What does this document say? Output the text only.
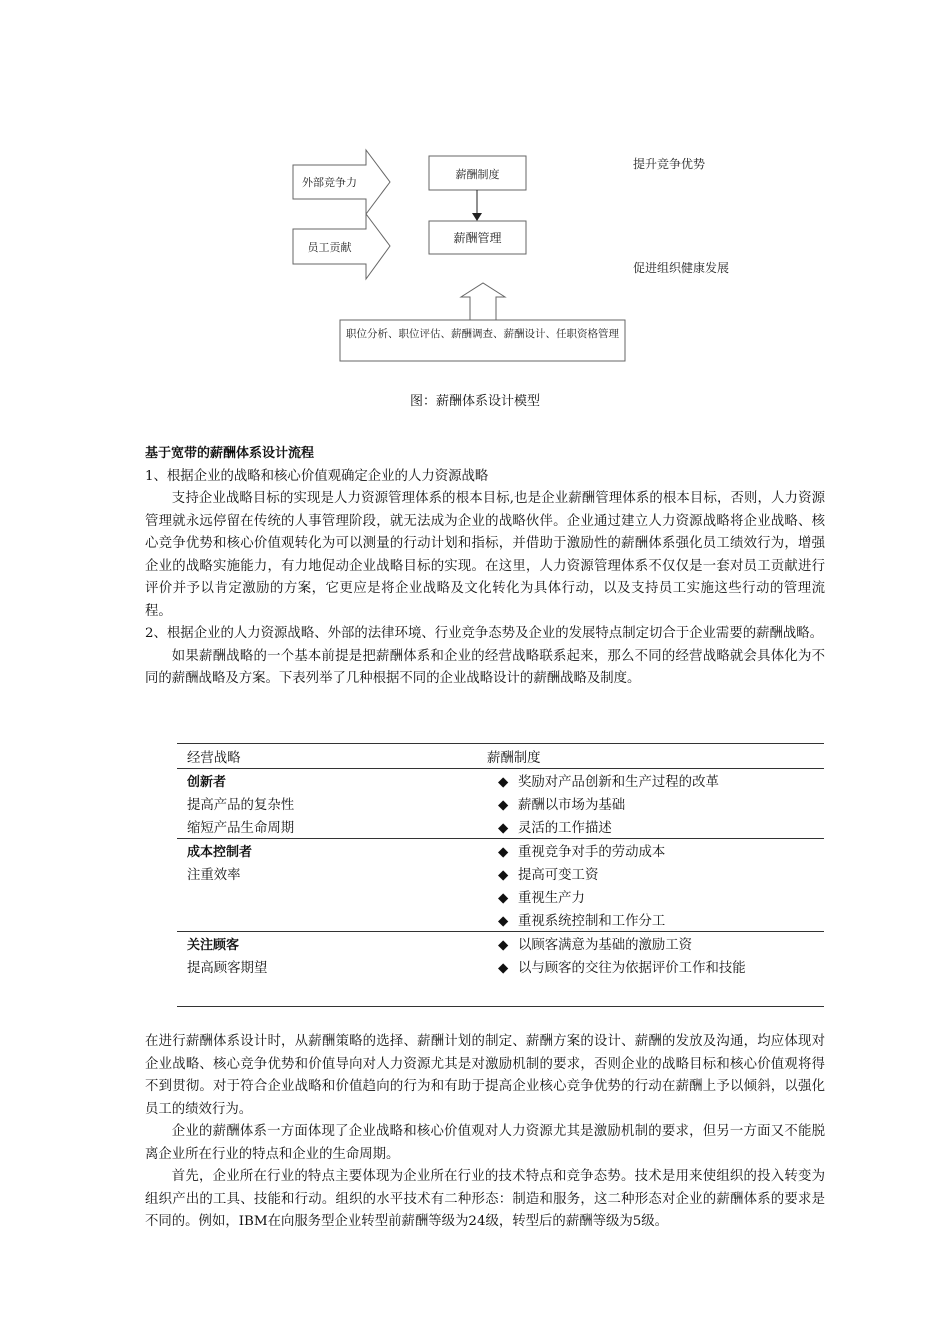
外部竞争力
员工贡献
薪酬制度
薪酬管理
职位分析、职位评估、薪酬调查、薪酬设计、任职资格管理
提升竞争优势
促进组织健康发展
图：薪酬体系设计模型

基于宽带的薪酬体系设计流程

1、根据企业的战略和核心价值观确定企业的人力资源战略

支持企业战略目标的实现是人力资源管理体系的根本目标,也是企业薪酬管理体系的根本目标，否则，人力资源管理就永远停留在传统的人事管理阶段，就无法成为企业的战略伙伴。企业通过建立人力资源战略将企业战略、核心竞争优势和核心价值观转化为可以测量的行动计划和指标，并借助于激励性的薪酬体系强化员工绩效行为，增强企业的战略实施能力，有力地促动企业战略目标的实现。在这里，人力资源管理体系不仅仅是一套对员工贡献进行评价并予以肯定激励的方案，它更应是将企业战略及文化转化为具体行动，以及支持员工实施这些行动的管理流程。

2、根据企业的人力资源战略、外部的法律环境、行业竞争态势及企业的发展特点制定切合于企业需要的薪酬战略。

如果薪酬战略的一个基本前提是把薪酬体系和企业的经营战略联系起来，那么不同的经营战略就会具体化为不同的薪酬战略及方案。下表列举了几种根据不同的企业战略设计的薪酬战略及制度。

经营战略	薪酬制度
创新者	◆ 奖励对产品创新和生产过程的改革
提高产品的复杂性	◆ 薪酬以市场为基础
缩短产品生命周期	◆ 灵活的工作描述
成本控制者	◆ 重视竞争对手的劳动成本
注重效率	◆ 提高可变工资
	◆ 重视生产力
	◆ 重视系统控制和工作分工
关注顾客	◆ 以顾客满意为基础的激励工资
提高顾客期望	◆ 以与顾客的交往为依据评价工作和技能

在进行薪酬体系设计时，从薪酬策略的选择、薪酬计划的制定、薪酬方案的设计、薪酬的发放及沟通，均应体现对企业战略、核心竞争优势和价值导向对人力资源尤其是对激励机制的要求，否则企业的战略目标和核心价值观将得不到贯彻。对于符合企业战略和价值趋向的行为和有助于提高企业核心竞争优势的行动在薪酬上予以倾斜，以强化员工的绩效行为。

企业的薪酬体系一方面体现了企业战略和核心价值观对人力资源尤其是激励机制的要求，但另一方面又不能脱离企业所在行业的特点和企业的生命周期。

首先，企业所在行业的特点主要体现为企业所在行业的技术特点和竞争态势。技术是用来使组织的投入转变为组织产出的工具、技能和行动。组织的水平技术有二种形态：制造和服务，这二种形态对企业的薪酬体系的要求是不同的。例如，IBM在向服务型企业转型前薪酬等级为24级，转型后的薪酬等级为5级。
